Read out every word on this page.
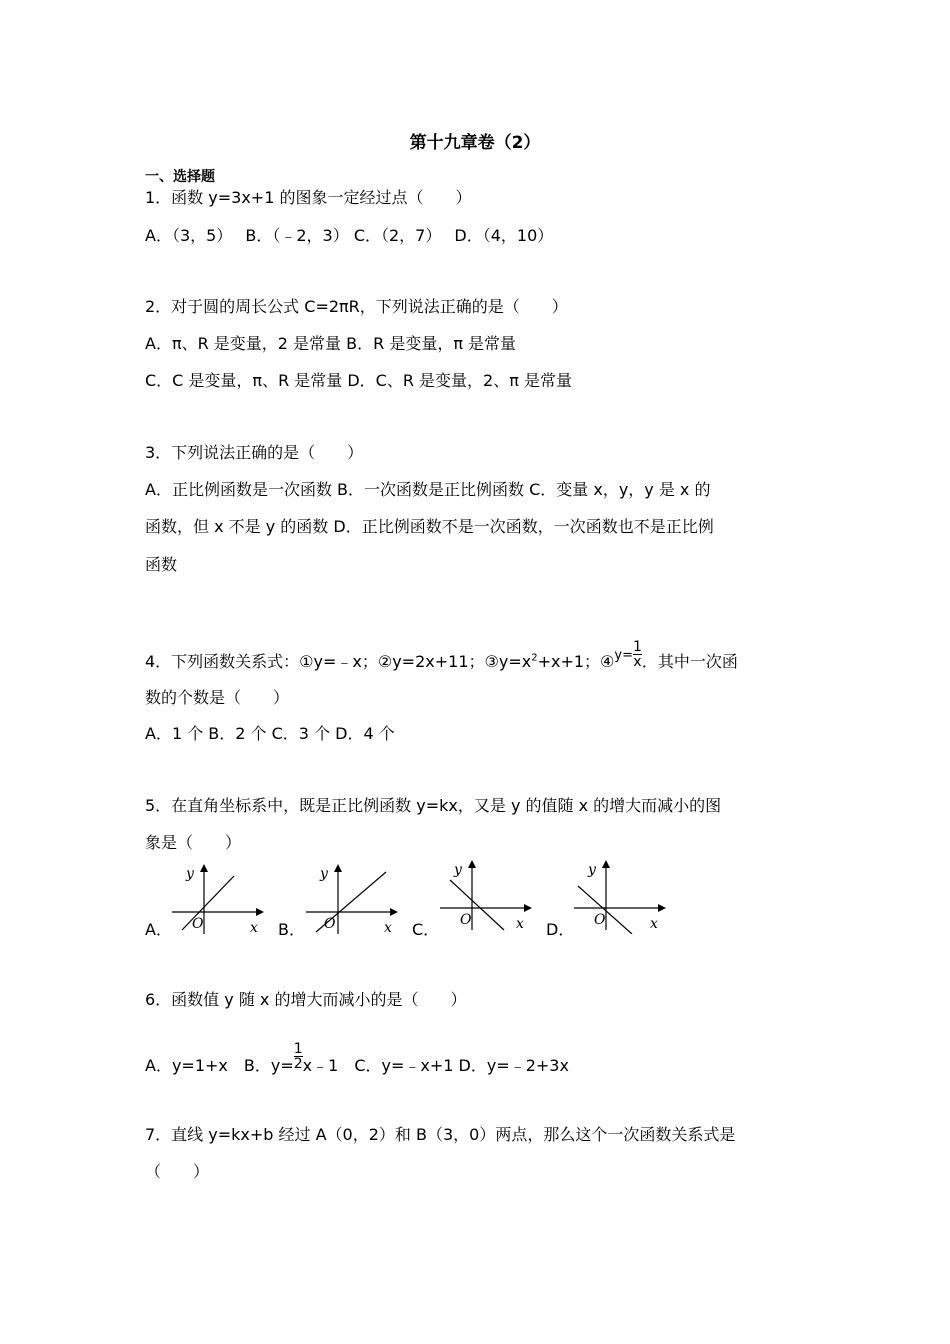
第十九章卷（2）
一、选择题
1．函数 y=3x+1 的图象一定经过点（　　）
A．（3，5）　 B．（﹣2，3） C．（2，7）　 D．（4，10）
2．对于圆的周长公式 C=2πR，下列说法正确的是（　　）
A．π、R 是变量，2 是常量 B．R 是变量，π 是常量
C．C 是变量，π、R 是常量 D．C、R 是变量，2、π 是常量
3．下列说法正确的是（　　）
A．正比例函数是一次函数 B．一次函数是正比例函数 C．变量 x，y，y 是 x 的
函数，但 x 不是 y 的函数 D．正比例函数不是一次函数，一次函数也不是正比例
函数
4．下列函数关系式：①y=﹣x；②y=2x+11；$③y=x^2+x+1$；④$^{y=}$ $\frac{1}{x}$ ．其中一次函
数的个数是（　　）
A．1 个 B．2 个 C．3 个 D．4 个
5．在直角坐标系中，既是正比例函数 y=kx，又是 y 的值随 x 的增大而减小的图
象是（　　）
A．	B．	C．	D．
y
x
O
y
x
O
y
x
O
y
x
O
6．函数值 y 随 x 的增大而减小的是（　　）
A．y=1+x　B．$y= \frac{1}{2}$ x﹣1　C．y=﹣x+1 D．y=﹣2+3x
7．直线 y=kx+b 经过 A（0，2）和 B（3，0）两点，那么这个一次函数关系式是
（　　）
